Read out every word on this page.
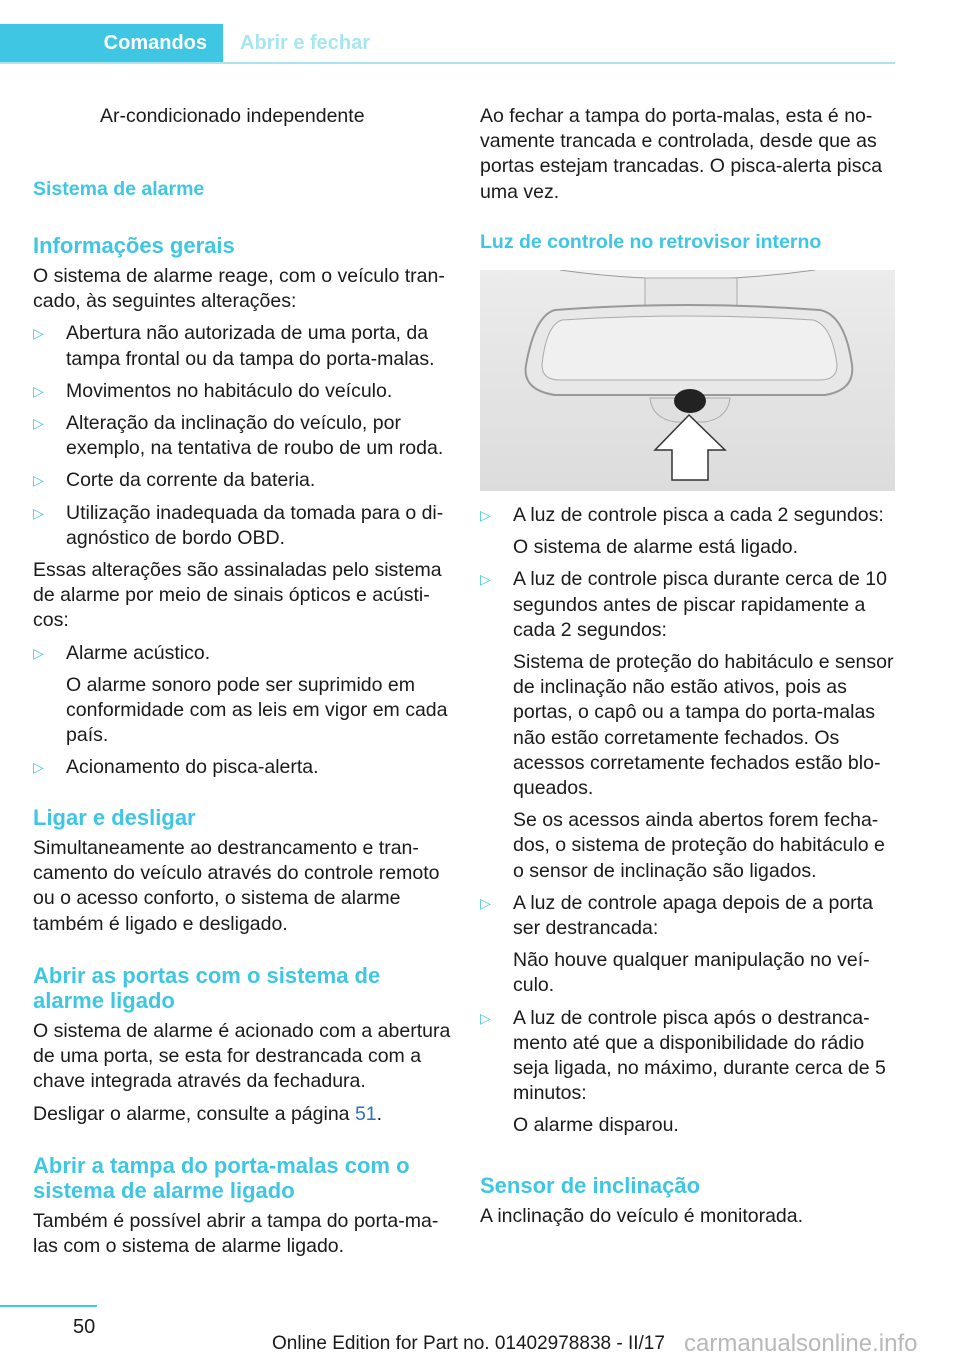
Comandos	Abrir e fechar
Ar-condicionado independente
Sistema de alarme
Informações gerais

O sistema de alarme reage, com o veículo trancado, às seguintes alterações:

▷ Abertura não autorizada de uma porta, da tampa frontal ou da tampa do porta-malas.
▷ Movimentos no habitáculo do veículo.
▷ Alteração da inclinação do veículo, por exemplo, na tentativa de roubo de um roda.
▷ Corte da corrente da bateria.
▷ Utilização inadequada da tomada para o diagnóstico de bordo OBD.

Essas alterações são assinaladas pelo sistema de alarme por meio de sinais ópticos e acústicos:

▷ Alarme acústico.

O alarme sonoro pode ser suprimido em conformidade com as leis em vigor em cada país.

▷ Acionamento do pisca-alerta.
Ligar e desligar

Simultaneamente ao destrancamento e trancamento do veículo através do controle remoto ou o acesso conforto, o sistema de alarme também é ligado e desligado.

Abrir as portas com o sistema de alarme ligado

O sistema de alarme é acionado com a abertura de uma porta, se esta for destrancada com a chave integrada através da fechadura.

Desligar o alarme, consulte a página 51.

Abrir a tampa do porta-malas com o sistema de alarme ligado

Também é possível abrir a tampa do porta-malas com o sistema de alarme ligado.

Ao fechar a tampa do porta-malas, esta é novamente trancada e controlada, desde que as portas estejam trancadas. O pisca-alerta pisca uma vez.

Luz de controle no retrovisor interno
▷ A luz de controle pisca a cada 2 segundos:

O sistema de alarme está ligado.

▷ A luz de controle pisca durante cerca de 10 segundos antes de piscar rapidamente a cada 2 segundos:

Sistema de proteção do habitáculo e sensor de inclinação não estão ativos, pois as portas, o capô ou a tampa do porta-malas não estão corretamente fechados. Os acessos corretamente fechados estão bloqueados.

Se os acessos ainda abertos forem fechados, o sistema de proteção do habitáculo e o sensor de inclinação são ligados.

▷ A luz de controle apaga depois de a porta ser destrancada:

Não houve qualquer manipulação no veículo.

▷ A luz de controle pisca após o destrancamento até que a disponibilidade do rádio seja ligada, no máximo, durante cerca de 5 minutos:

O alarme disparou.

Sensor de inclinação

A inclinação do veículo é monitorada.

50
Online Edition for Part no. 01402978838 - II/17 carmanualsonline.info
